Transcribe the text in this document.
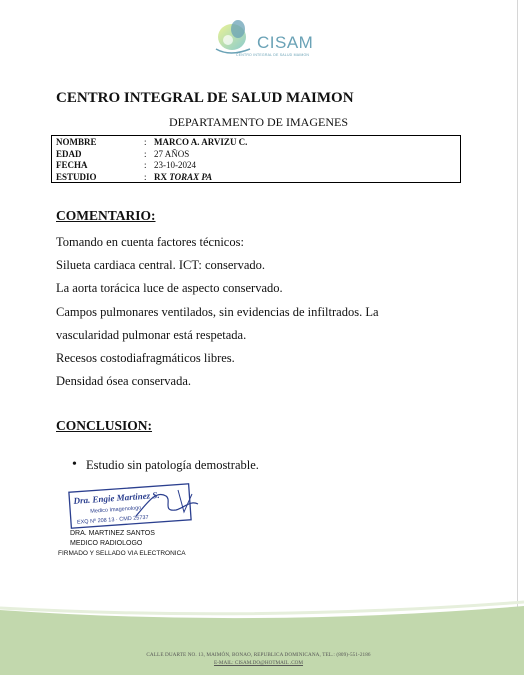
CISAM
CENTRO INTEGRAL DE SALUD MAIMON
CENTRO INTEGRAL DE SALUD MAIMON
DEPARTAMENTO DE IMAGENES
NOMBRE	: MARCO A. ARVIZU C.
EDAD	: 27 AÑOS
FECHA	: 23-10-2024
ESTUDIO	: RX TORAX PA
COMENTARIO:

Tomando en cuenta factores técnicos:

Silueta cardiaca central. ICT: conservado.

La aorta torácica luce de aspecto conservado.

Campos pulmonares ventilados, sin evidencias de infiltrados. La

vascularidad pulmonar está respetada.

Recesos costodiafragmáticos libres.

Densidad ósea conservada.

CONCLUSION:
• Estudio sin patología demostrable.
Dra. Engie Martinez S.
Medico Imagenologo
EXQ Nº 208 13 · CMD 25737
DRA. MARTINEZ SANTOS
MEDICO RADIOLOGO
FIRMADO Y SELLADO VIA ELECTRONICA
CALLE DUARTE NO. 13, MAIMÓN, BONAO, REPUBLICA DOMINICANA, TEL.: (809)-551-2186
E-MAIL: CISAM.DO@HOTMAIL .COM
